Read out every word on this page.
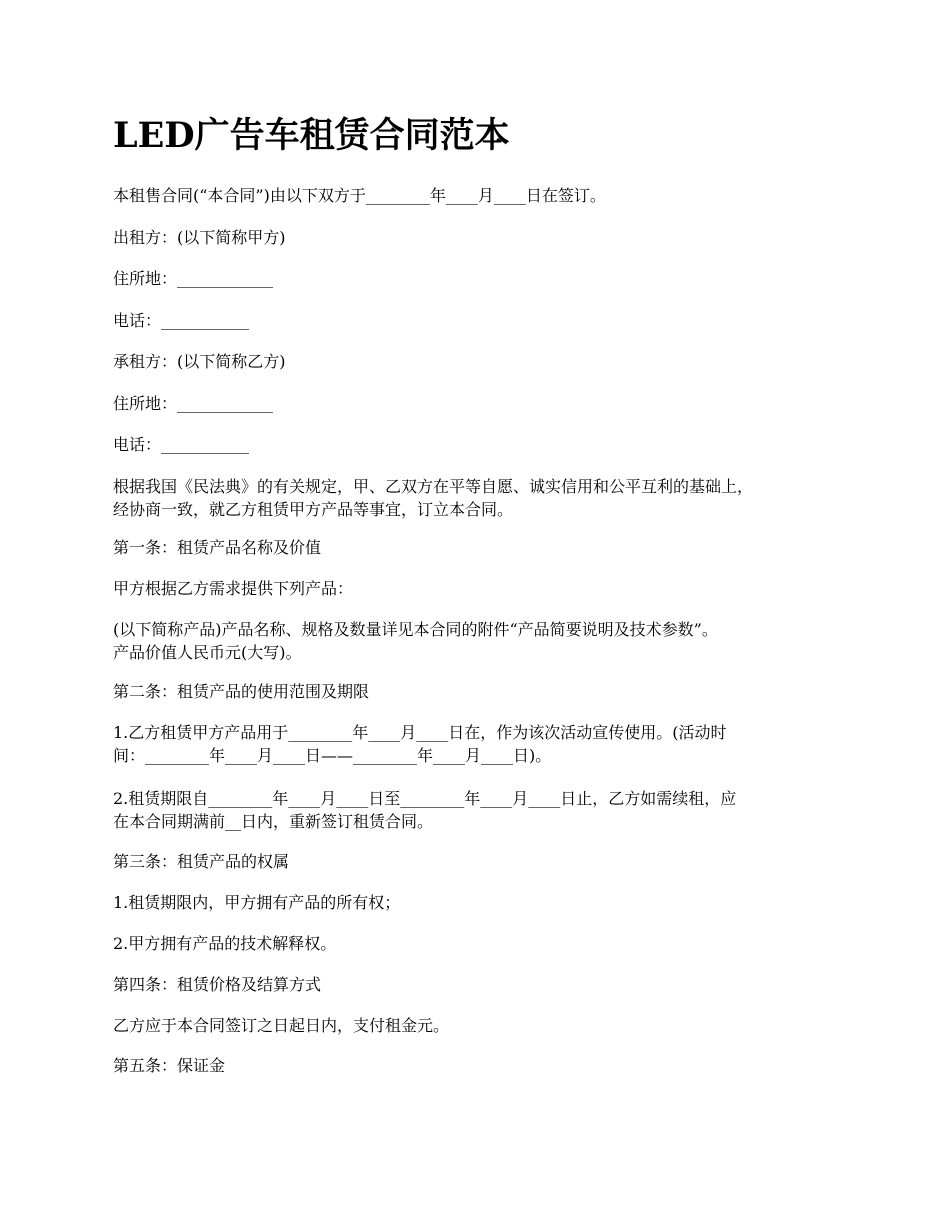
LED广告车租赁合同范本

本租售合同(“本合同”)由以下双方于________年____月____日在签订。

出租方：(以下简称甲方)

住所地：____________

电话：___________

承租方：(以下简称乙方)

住所地：____________

电话：___________

根据我国《民法典》的有关规定，甲、乙双方在平等自愿、诚实信用和公平互利的基础上，
经协商一致，就乙方租赁甲方产品等事宜，订立本合同。

第一条：租赁产品名称及价值

甲方根据乙方需求提供下列产品：

(以下简称产品)产品名称、规格及数量详见本合同的附件“产品简要说明及技术参数”。
产品价值人民币元(大写)。

第二条：租赁产品的使用范围及期限

1.乙方租赁甲方产品用于________年____月____日在，作为该次活动宣传使用。(活动时
间：________年____月____日——________年____月____日)。

2.租赁期限自________年____月____日至________年____月____日止，乙方如需续租，应
在本合同期满前__日内，重新签订租赁合同。

第三条：租赁产品的权属

1.租赁期限内，甲方拥有产品的所有权；

2.甲方拥有产品的技术解释权。

第四条：租赁价格及结算方式

乙方应于本合同签订之日起日内，支付租金元。

第五条：保证金
